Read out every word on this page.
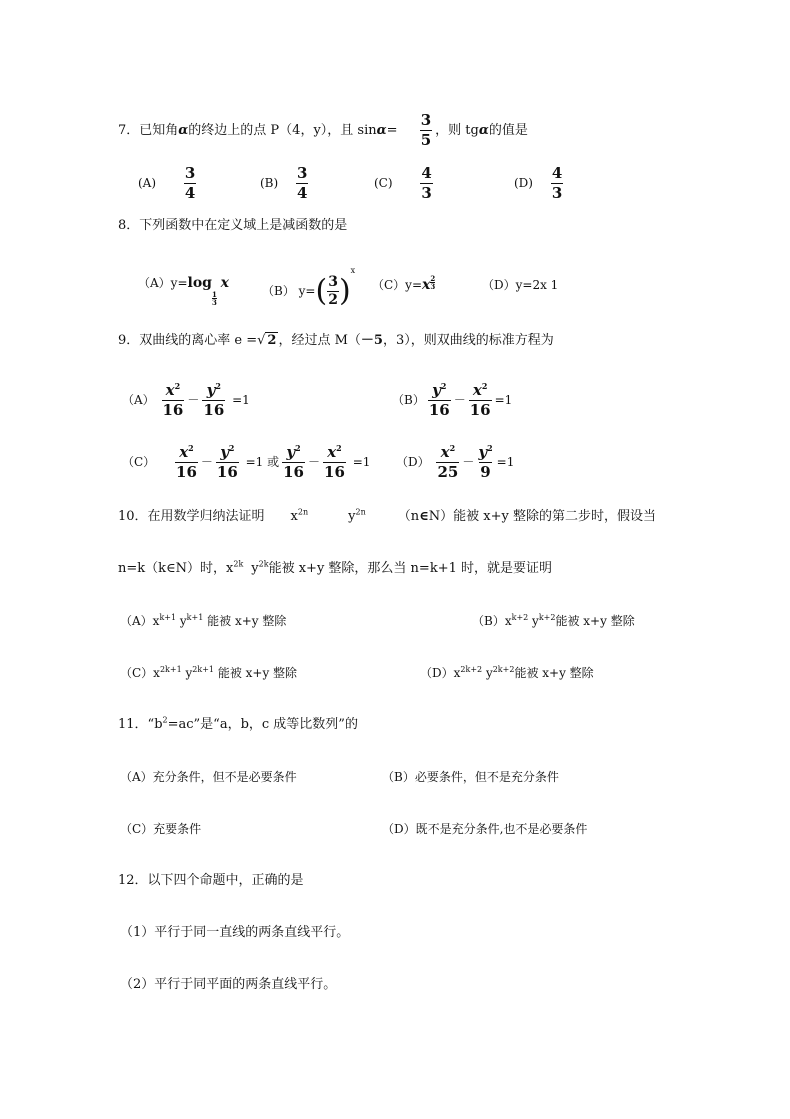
7．已知角α的终边上的点 P（4，y），且 $\sin\alpha= \frac{3}{5}$ ，则 tgα的值是
$(A) \frac{3}{4}$	$(B) \frac{3}{4}$	$(C) \frac{4}{3}$	$(D) \frac{4}{3}$
8．下列函数中在定义域上是减函数的是
（A）y=log
$\frac{1}{3}$
x	（B） $y=( \frac{3}{2} )^x$
$(C)y=x \frac{2}{3}$	（D）y=2x 1
9．双曲线的离心率 e =√ 2 ，经过点 M（－5，3），则双曲线的标准方程为
$(A) \frac{x^2}{16} - \frac{y^2}{16} =1$	$(B) \frac{y^2}{16} - \frac{x^2}{16} =1$
$(C) \frac{x^2}{16} - \frac{y^2}{16} =1$ 或 $\frac{y^2}{16} - \frac{x^2}{16} =1$ $(D) \frac{x^2}{25} - \frac{y^2}{9} =1$
10．在用数学归纳法证明 $x^{2n}$	$y^{2n}$ （n∈N）能被 x+y 整除的第二步时，假设当
n=k（k∈N）时，$x^{2k}$ $y^{2k}$能被 x+y 整除，那么当 n=k+1 时，就是要证明
$(A)x^{k+1}$ $y^{k+1}$ 能被 x+y 整除	$(B)x^{k+2}$ $y^{k+2}$能被 x+y 整除
$(C)x^{2k+1}$ $y^{2k+1}$ 能被 x+y 整除	$(D)x^{2k+2}$ $y^{2k+2}$能被 x+y 整除
11．“$b^2=ac$”是“a，b，c 成等比数列”的
（A）充分条件，但不是必要条件	（B）必要条件，但不是充分条件
（C）充要条件	（D）既不是充分条件,也不是必要条件
12．以下四个命题中，正确的是
（1）平行于同一直线的两条直线平行。
（2）平行于同平面的两条直线平行。
